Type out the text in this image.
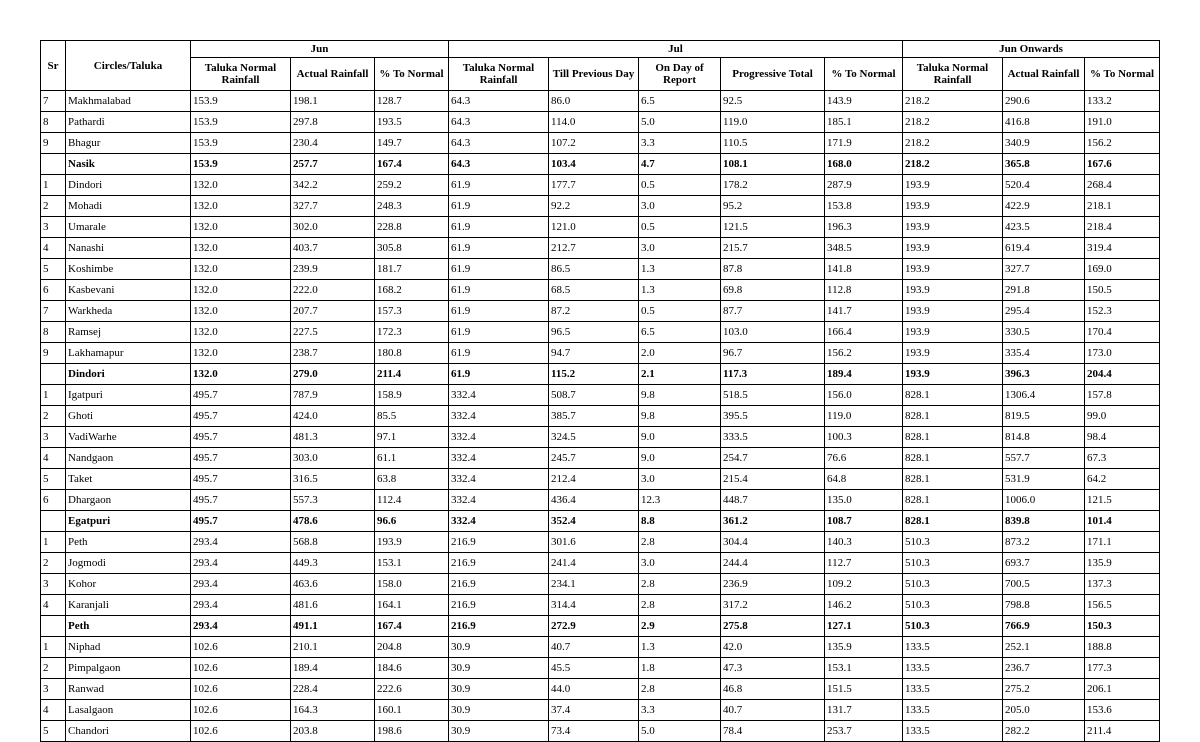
Sr	Circles/Taluka	Jun			Jul					Jun Onwards		
		Taluka Normal Rainfall	Actual Rainfall	% To Normal	Taluka Normal Rainfall	Till Previous Day	On Day of Report	Progressive Total	% To Normal	Taluka Normal Rainfall	Actual Rainfall	% To Normal
7	Makhmalabad	153.9	198.1	128.7	64.3	86.0	6.5	92.5	143.9	218.2	290.6	133.2
8	Pathardi	153.9	297.8	193.5	64.3	114.0	5.0	119.0	185.1	218.2	416.8	191.0
9	Bhagur	153.9	230.4	149.7	64.3	107.2	3.3	110.5	171.9	218.2	340.9	156.2
	Nasik	153.9	257.7	167.4	64.3	103.4	4.7	108.1	168.0	218.2	365.8	167.6
1	Dindori	132.0	342.2	259.2	61.9	177.7	0.5	178.2	287.9	193.9	520.4	268.4
2	Mohadi	132.0	327.7	248.3	61.9	92.2	3.0	95.2	153.8	193.9	422.9	218.1
3	Umarale	132.0	302.0	228.8	61.9	121.0	0.5	121.5	196.3	193.9	423.5	218.4
4	Nanashi	132.0	403.7	305.8	61.9	212.7	3.0	215.7	348.5	193.9	619.4	319.4
5	Koshimbe	132.0	239.9	181.7	61.9	86.5	1.3	87.8	141.8	193.9	327.7	169.0
6	Kasbevani	132.0	222.0	168.2	61.9	68.5	1.3	69.8	112.8	193.9	291.8	150.5
7	Warkheda	132.0	207.7	157.3	61.9	87.2	0.5	87.7	141.7	193.9	295.4	152.3
8	Ramsej	132.0	227.5	172.3	61.9	96.5	6.5	103.0	166.4	193.9	330.5	170.4
9	Lakhamapur	132.0	238.7	180.8	61.9	94.7	2.0	96.7	156.2	193.9	335.4	173.0
	Dindori	132.0	279.0	211.4	61.9	115.2	2.1	117.3	189.4	193.9	396.3	204.4
1	Igatpuri	495.7	787.9	158.9	332.4	508.7	9.8	518.5	156.0	828.1	1306.4	157.8
2	Ghoti	495.7	424.0	85.5	332.4	385.7	9.8	395.5	119.0	828.1	819.5	99.0
3	VadiWarhe	495.7	481.3	97.1	332.4	324.5	9.0	333.5	100.3	828.1	814.8	98.4
4	Nandgaon	495.7	303.0	61.1	332.4	245.7	9.0	254.7	76.6	828.1	557.7	67.3
5	Taket	495.7	316.5	63.8	332.4	212.4	3.0	215.4	64.8	828.1	531.9	64.2
6	Dhargaon	495.7	557.3	112.4	332.4	436.4	12.3	448.7	135.0	828.1	1006.0	121.5
	Egatpuri	495.7	478.6	96.6	332.4	352.4	8.8	361.2	108.7	828.1	839.8	101.4
1	Peth	293.4	568.8	193.9	216.9	301.6	2.8	304.4	140.3	510.3	873.2	171.1
2	Jogmodi	293.4	449.3	153.1	216.9	241.4	3.0	244.4	112.7	510.3	693.7	135.9
3	Kohor	293.4	463.6	158.0	216.9	234.1	2.8	236.9	109.2	510.3	700.5	137.3
4	Karanjali	293.4	481.6	164.1	216.9	314.4	2.8	317.2	146.2	510.3	798.8	156.5
	Peth	293.4	491.1	167.4	216.9	272.9	2.9	275.8	127.1	510.3	766.9	150.3
1	Niphad	102.6	210.1	204.8	30.9	40.7	1.3	42.0	135.9	133.5	252.1	188.8
2	Pimpalgaon	102.6	189.4	184.6	30.9	45.5	1.8	47.3	153.1	133.5	236.7	177.3
3	Ranwad	102.6	228.4	222.6	30.9	44.0	2.8	46.8	151.5	133.5	275.2	206.1
4	Lasalgaon	102.6	164.3	160.1	30.9	37.4	3.3	40.7	131.7	133.5	205.0	153.6
5	Chandori	102.6	203.8	198.6	30.9	73.4	5.0	78.4	253.7	133.5	282.2	211.4
